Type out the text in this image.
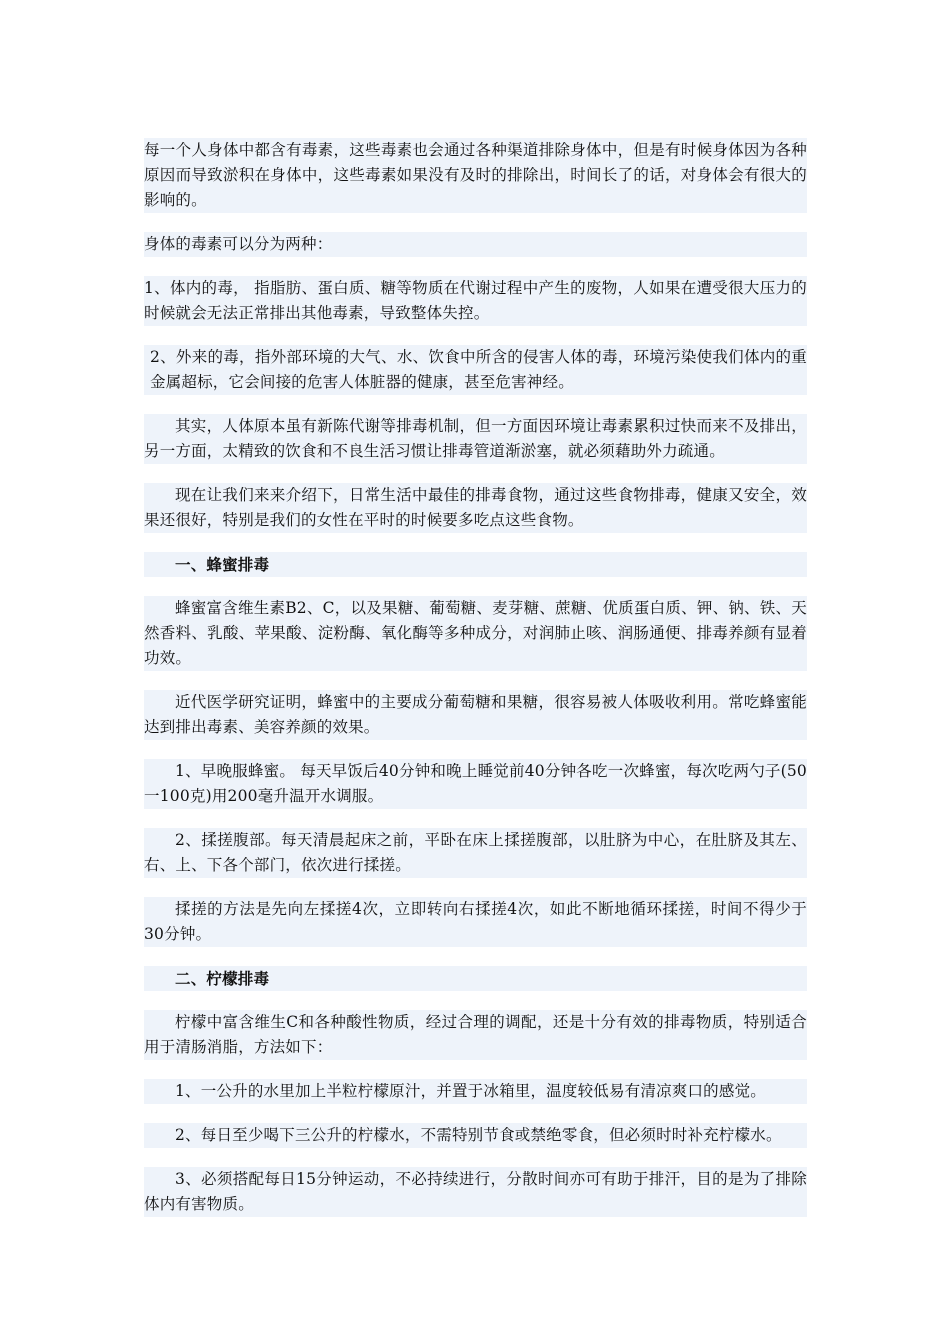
每一个人身体中都含有毒素，这些毒素也会通过各种渠道排除身体中，但是有时候身体因为各种原因而导致淤积在身体中，这些毒素如果没有及时的排除出，时间长了的话，对身体会有很大的影响的。

身体的毒素可以分为两种：

1、体内的毒， 指脂肪、蛋白质、糖等物质在代谢过程中产生的废物，人如果在遭受很大压力的时候就会无法正常排出其他毒素，导致整体失控。

2、外来的毒，指外部环境的大气、水、饮食中所含的侵害人体的毒，环境污染使我们体内的重金属超标，它会间接的危害人体脏器的健康，甚至危害神经。

其实，人体原本虽有新陈代谢等排毒机制，但一方面因环境让毒素累积过快而来不及排出，另一方面，太精致的饮食和不良生活习惯让排毒管道渐淤塞，就必须藉助外力疏通。

现在让我们来来介绍下，日常生活中最佳的排毒食物，通过这些食物排毒，健康又安全，效果还很好，特别是我们的女性在平时的时候要多吃点这些食物。

一、蜂蜜排毒

蜂蜜富含维生素B2、C，以及果糖、葡萄糖、麦芽糖、蔗糖、优质蛋白质、钾、钠、铁、天然香料、乳酸、苹果酸、淀粉酶、氧化酶等多种成分，对润肺止咳、润肠通便、排毒养颜有显着功效。

近代医学研究证明，蜂蜜中的主要成分葡萄糖和果糖，很容易被人体吸收利用。常吃蜂蜜能达到排出毒素、美容养颜的效果。

1、早晚服蜂蜜。 每天早饭后40分钟和晚上睡觉前40分钟各吃一次蜂蜜，每次吃两勺子(50一100克)用200毫升温开水调服。

2、揉搓腹部。每天清晨起床之前，平卧在床上揉搓腹部，以肚脐为中心，在肚脐及其左、右、上、下各个部门，依次进行揉搓。

揉搓的方法是先向左揉搓4次，立即转向右揉搓4次，如此不断地循环揉搓，时间不得少于30分钟。

二、柠檬排毒

柠檬中富含维生C和各种酸性物质，经过合理的调配，还是十分有效的排毒物质，特别适合用于清肠消脂，方法如下：

1、一公升的水里加上半粒柠檬原汁，并置于冰箱里，温度较低易有清凉爽口的感觉。

2、每日至少喝下三公升的柠檬水，不需特别节食或禁绝零食，但必须时时补充柠檬水。

3、必须搭配每日15分钟运动，不必持续进行，分散时间亦可有助于排汗，目的是为了排除体内有害物质。
